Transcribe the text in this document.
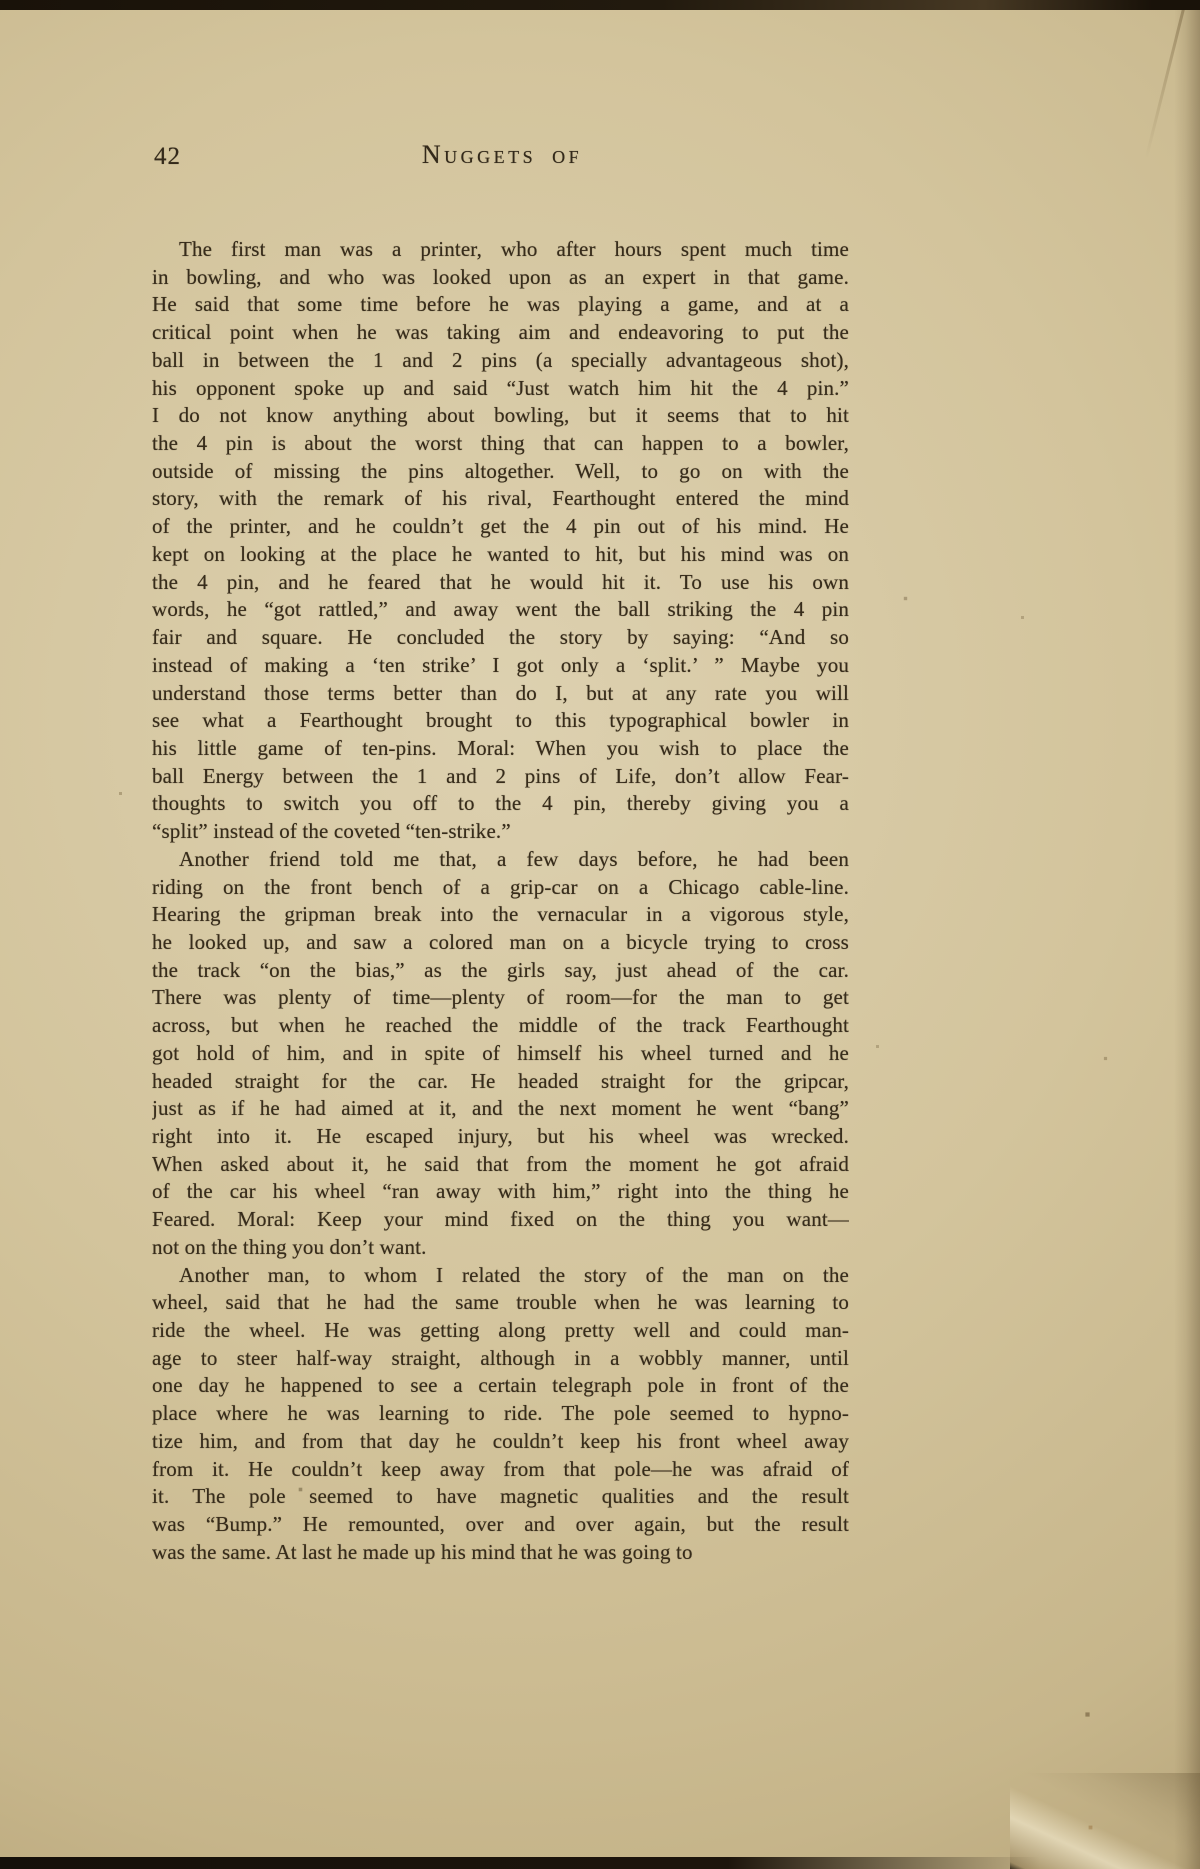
42	Nuggets of
The first man was a printer, who after hours spent much time
in bowling, and who was looked upon as an expert in that game.
He said that some time before he was playing a game, and at a
critical point when he was taking aim and endeavoring to put the
ball in between the 1 and 2 pins (a specially advantageous shot),
his opponent spoke up and said “Just watch him hit the 4 pin.”
I do not know anything about bowling, but it seems that to hit
the 4 pin is about the worst thing that can happen to a bowler,
outside of missing the pins altogether. Well, to go on with the
story, with the remark of his rival, Fearthought entered the mind
of the printer, and he couldn’t get the 4 pin out of his mind. He
kept on looking at the place he wanted to hit, but his mind was on
the 4 pin, and he feared that he would hit it. To use his own
words, he “got rattled,” and away went the ball striking the 4 pin
fair and square. He concluded the story by saying: “And so
instead of making a ‘ten strike’ I got only a ‘split.’ ” Maybe you
understand those terms better than do I, but at any rate you will
see what a Fearthought brought to this typographical bowler in
his little game of ten-pins. Moral: When you wish to place the
ball Energy between the 1 and 2 pins of Life, don’t allow Fear-
thoughts to switch you off to the 4 pin, thereby giving you a
“split” instead of the coveted “ten-strike.”
Another friend told me that, a few days before, he had been
riding on the front bench of a grip-car on a Chicago cable-line.
Hearing the gripman break into the vernacular in a vigorous style,
he looked up, and saw a colored man on a bicycle trying to cross
the track “on the bias,” as the girls say, just ahead of the car.
There was plenty of time—plenty of room—for the man to get
across, but when he reached the middle of the track Fearthought
got hold of him, and in spite of himself his wheel turned and he
headed straight for the car. He headed straight for the gripcar,
just as if he had aimed at it, and the next moment he went “bang”
right into it. He escaped injury, but his wheel was wrecked.
When asked about it, he said that from the moment he got afraid
of the car his wheel “ran away with him,” right into the thing he
Feared. Moral: Keep your mind fixed on the thing you want—
not on the thing you don’t want.
Another man, to whom I related the story of the man on the
wheel, said that he had the same trouble when he was learning to
ride the wheel. He was getting along pretty well and could man-
age to steer half-way straight, although in a wobbly manner, until
one day he happened to see a certain telegraph pole in front of the
place where he was learning to ride. The pole seemed to hypno-
tize him, and from that day he couldn’t keep his front wheel away
from it. He couldn’t keep away from that pole—he was afraid of
it. The pole seemed to have magnetic qualities and the result
was “Bump.” He remounted, over and over again, but the result
was the same. At last he made up his mind that he was going to
